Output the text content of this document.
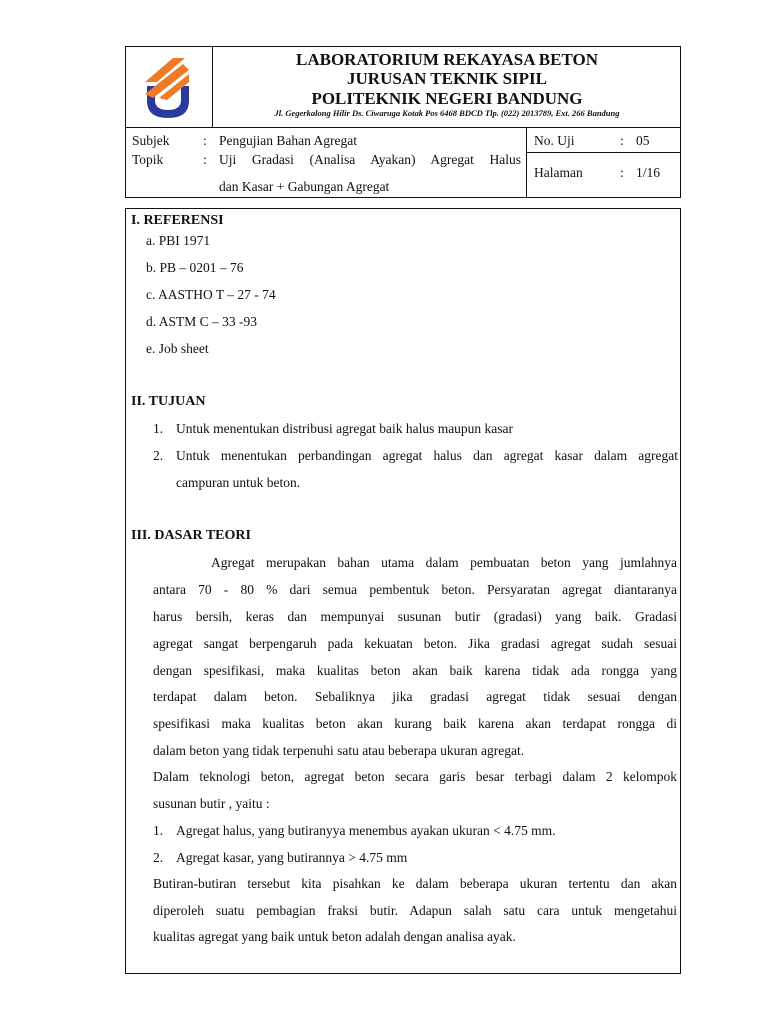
LABORATORIUM REKAYASA BETON
JURUSAN TEKNIK SIPIL
POLITEKNIK NEGERI BANDUNG
Jl. Gegerkalong Hilir Ds. Ciwaruga Kotak Pos 6468 BDCD Tlp. (022) 2013789, Ext. 266 Bandung
Subjek : Pengujian Bahan Agregat
Topik	: Uji Gradasi (Analisa Ayakan) Agregat Halus
dan Kasar + Gabungan Agregat
No. Uji	: 05
Halaman	: 1/16
I. REFERENSI
a. PBI 1971
b. PB – 0201 – 76
c. AASTHO T – 27 - 74
d. ASTM C – 33 -93
e. Job sheet
II. TUJUAN
1. Untuk menentukan distribusi agregat baik halus maupun kasar
2. Untuk menentukan perbandingan agregat halus dan agregat kasar dalam agregat
campuran untuk beton.
III. DASAR TEORI
Agregat merupakan bahan utama dalam pembuatan beton yang jumlahnya
antara 70 - 80 % dari semua pembentuk beton. Persyaratan agregat diantaranya
harus bersih, keras dan mempunyai susunan butir (gradasi) yang baik. Gradasi
agregat sangat berpengaruh pada kekuatan beton. Jika gradasi agregat sudah sesuai
dengan spesifikasi, maka kualitas beton akan baik karena tidak ada rongga yang
terdapat dalam beton. Sebaliknya jika gradasi agregat tidak sesuai dengan
spesifikasi maka kualitas beton akan kurang baik karena akan terdapat rongga di
dalam beton yang tidak terpenuhi satu atau beberapa ukuran agregat.
Dalam teknologi beton, agregat beton secara garis besar terbagi dalam 2 kelompok
susunan butir , yaitu :
1. Agregat halus, yang butiranyya menembus ayakan ukuran < 4.75 mm.
2. Agregat kasar, yang butirannya > 4.75 mm
Butiran-butiran tersebut kita pisahkan ke dalam beberapa ukuran tertentu dan akan
diperoleh suatu pembagian fraksi butir. Adapun salah satu cara untuk mengetahui
kualitas agregat yang baik untuk beton adalah dengan analisa ayak.
